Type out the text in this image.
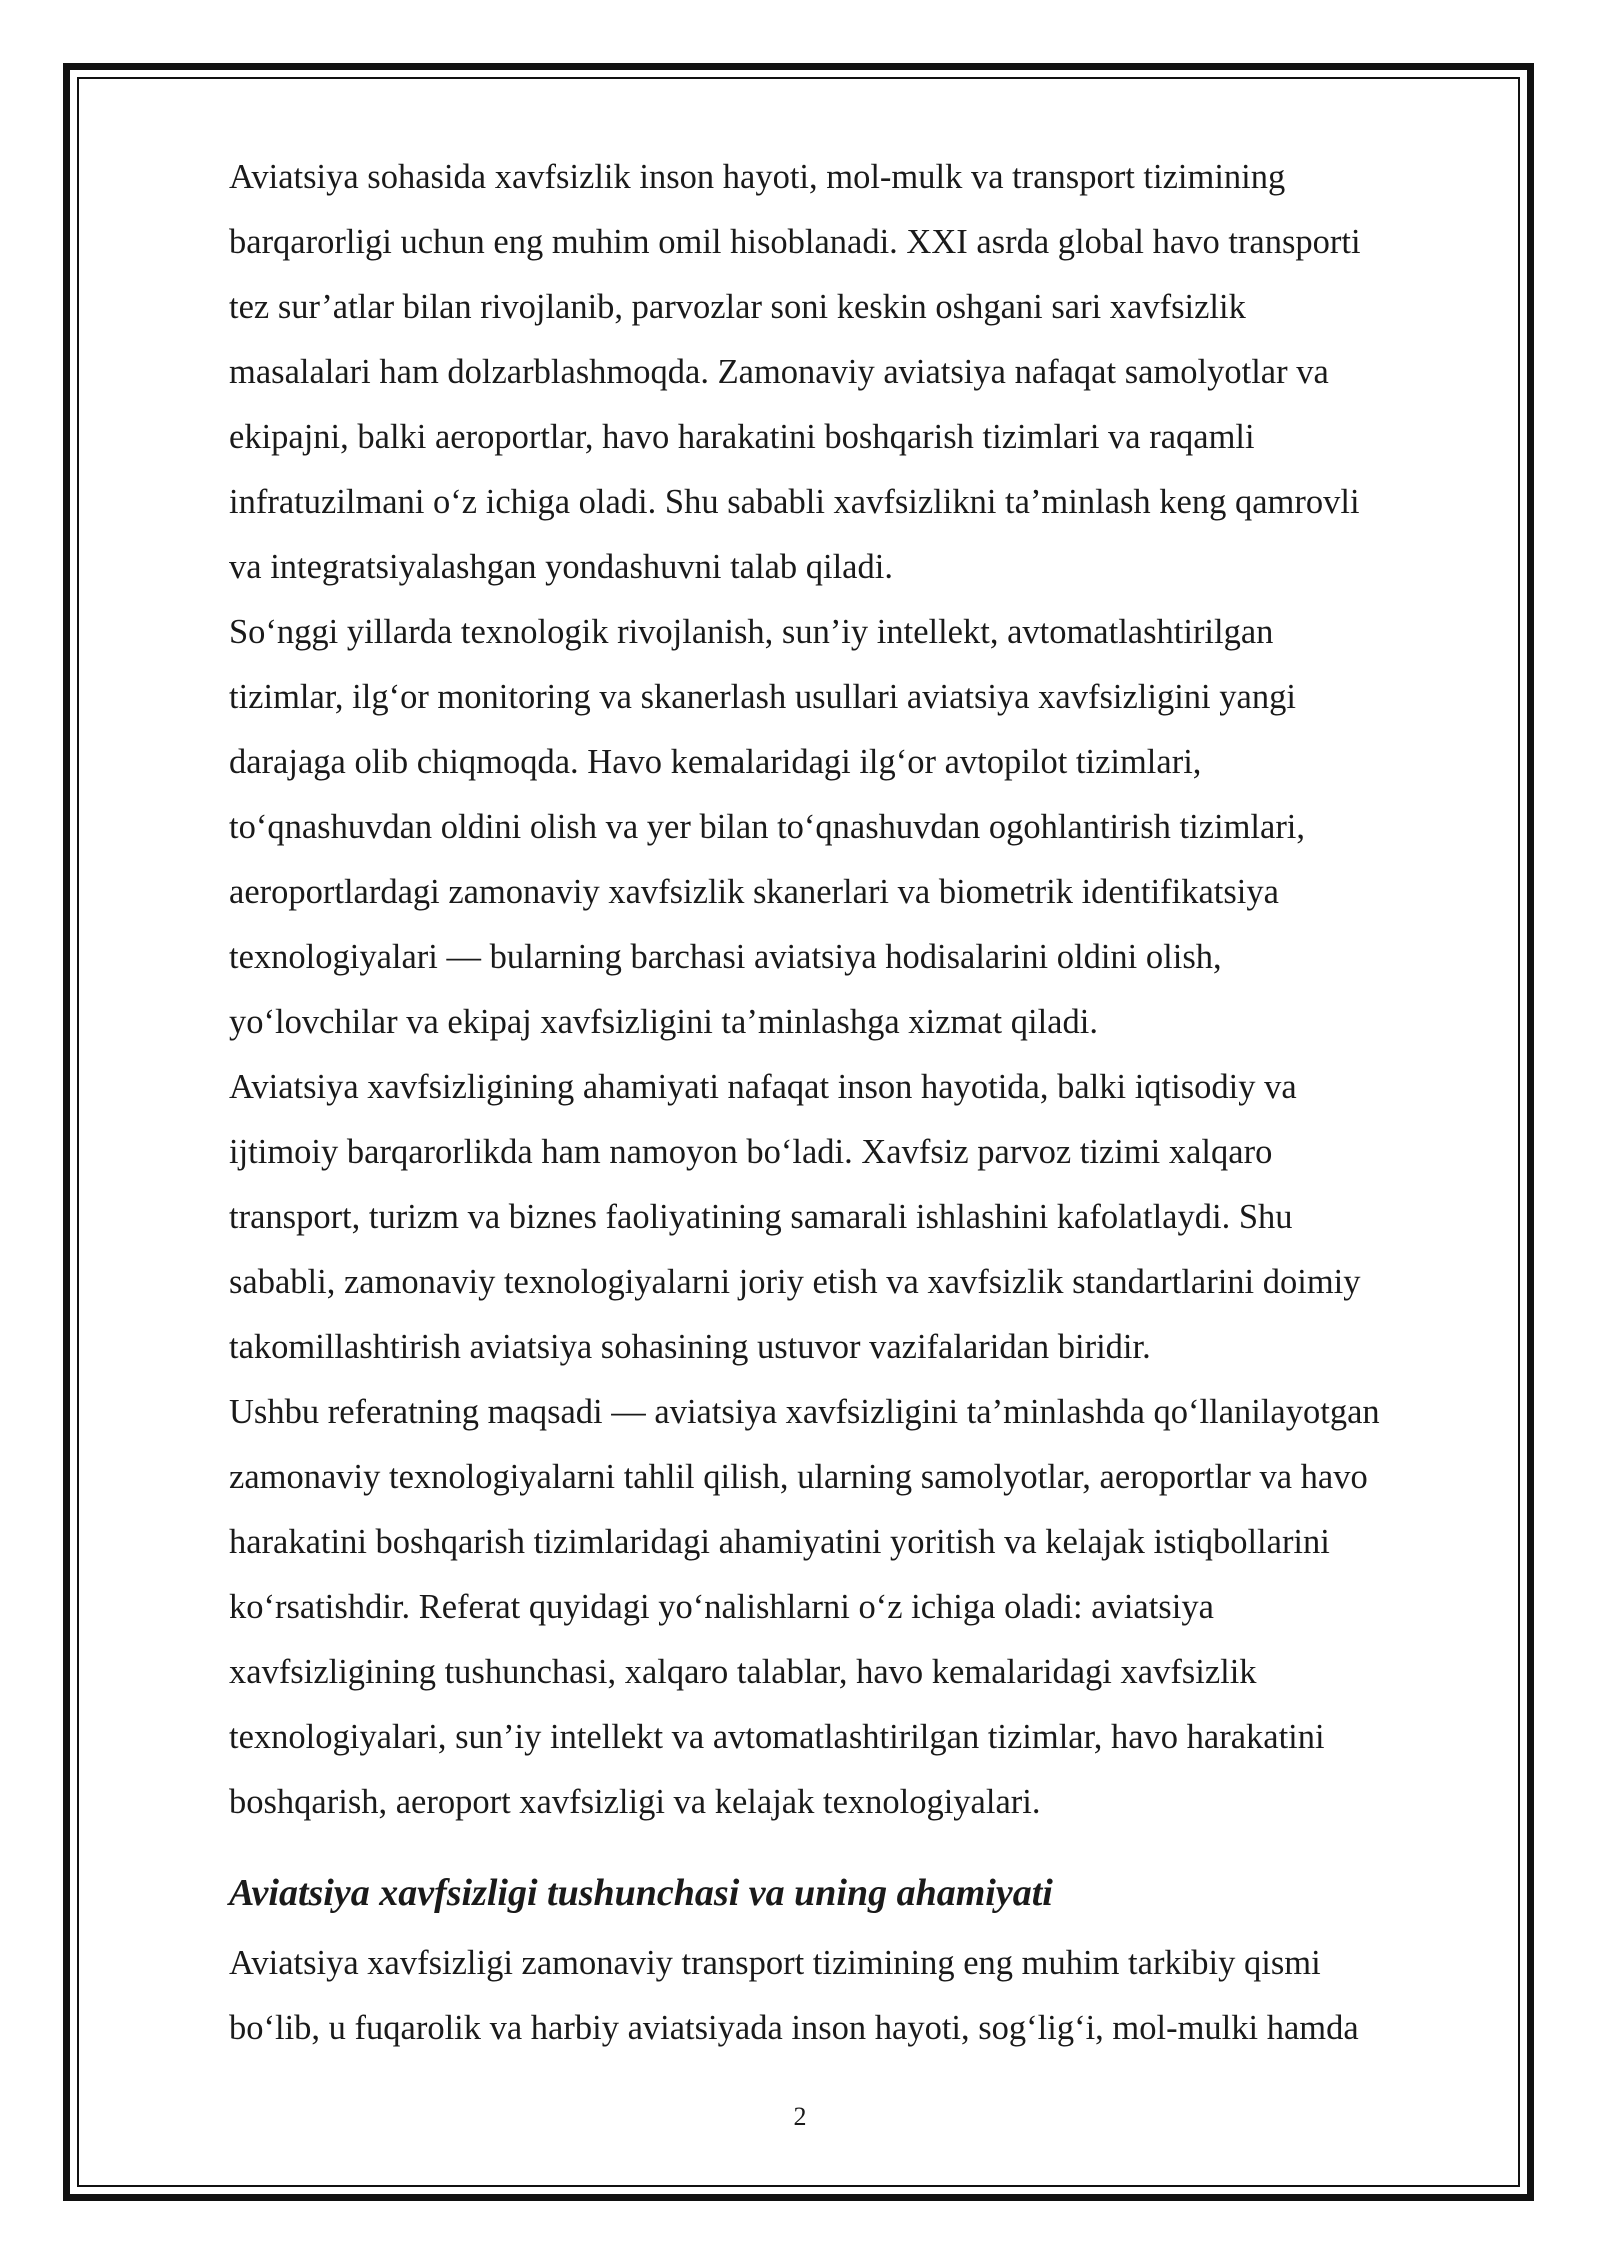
Aviatsiya sohasida xavfsizlik inson hayoti, mol-mulk va transport tizimining
barqarorligi uchun eng muhim omil hisoblanadi. XXI asrda global havo transporti
tez sur’atlar bilan rivojlanib, parvozlar soni keskin oshgani sari xavfsizlik
masalalari ham dolzarblashmoqda. Zamonaviy aviatsiya nafaqat samolyotlar va
ekipajni, balki aeroportlar, havo harakatini boshqarish tizimlari va raqamli
infratuzilmani o‘z ichiga oladi. Shu sababli xavfsizlikni ta’minlash keng qamrovli
va integratsiyalashgan yondashuvni talab qiladi.

So‘nggi yillarda texnologik rivojlanish, sun’iy intellekt, avtomatlashtirilgan
tizimlar, ilg‘or monitoring va skanerlash usullari aviatsiya xavfsizligini yangi
darajaga olib chiqmoqda. Havo kemalaridagi ilg‘or avtopilot tizimlari,
to‘qnashuvdan oldini olish va yer bilan to‘qnashuvdan ogohlantirish tizimlari,
aeroportlardagi zamonaviy xavfsizlik skanerlari va biometrik identifikatsiya
texnologiyalari — bularning barchasi aviatsiya hodisalarini oldini olish,
yo‘lovchilar va ekipaj xavfsizligini ta’minlashga xizmat qiladi.

Aviatsiya xavfsizligining ahamiyati nafaqat inson hayotida, balki iqtisodiy va
ijtimoiy barqarorlikda ham namoyon bo‘ladi. Xavfsiz parvoz tizimi xalqaro
transport, turizm va biznes faoliyatining samarali ishlashini kafolatlaydi. Shu
sababli, zamonaviy texnologiyalarni joriy etish va xavfsizlik standartlarini doimiy
takomillashtirish aviatsiya sohasining ustuvor vazifalaridan biridir.

Ushbu referatning maqsadi — aviatsiya xavfsizligini ta’minlashda qo‘llanilayotgan
zamonaviy texnologiyalarni tahlil qilish, ularning samolyotlar, aeroportlar va havo
harakatini boshqarish tizimlaridagi ahamiyatini yoritish va kelajak istiqbollarini
ko‘rsatishdir. Referat quyidagi yo‘nalishlarni o‘z ichiga oladi: aviatsiya
xavfsizligining tushunchasi, xalqaro talablar, havo kemalaridagi xavfsizlik
texnologiyalari, sun’iy intellekt va avtomatlashtirilgan tizimlar, havo harakatini
boshqarish, aeroport xavfsizligi va kelajak texnologiyalari.

Aviatsiya xavfsizligi tushunchasi va uning ahamiyati

Aviatsiya xavfsizligi zamonaviy transport tizimining eng muhim tarkibiy qismi
bo‘lib, u fuqarolik va harbiy aviatsiyada inson hayoti, sog‘lig‘i, mol-mulki hamda

2
